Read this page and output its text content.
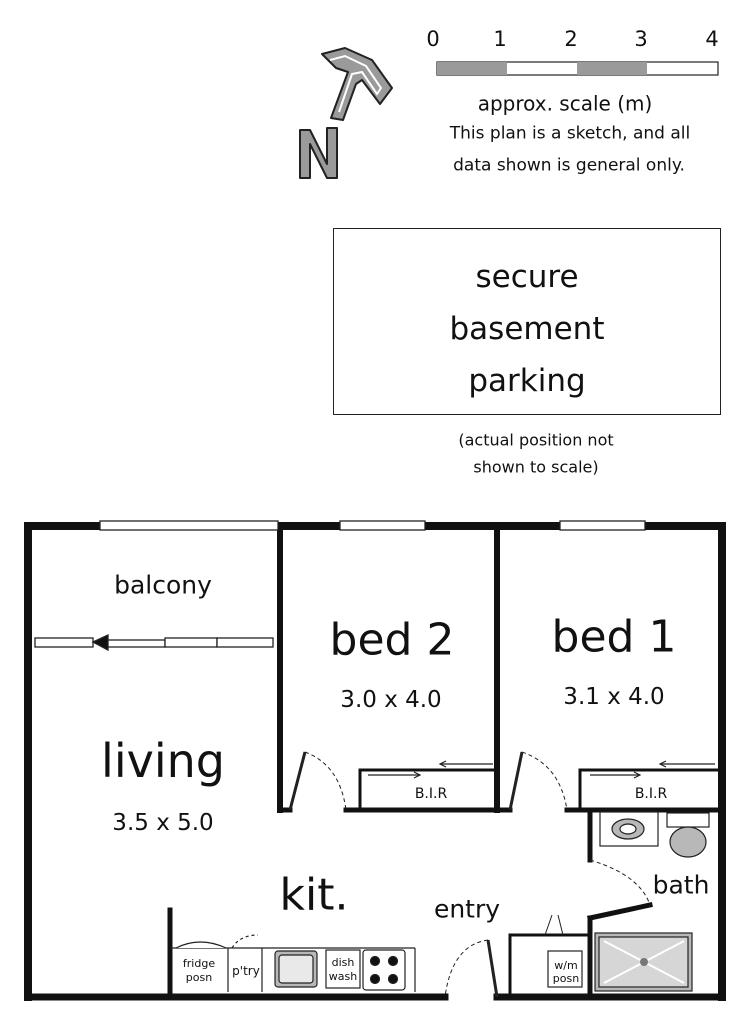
0	1	2	3	4
approx. scale (m)
This plan is a sketch, and all
data shown is general only.
secure
basement
parking
(actual position not
shown to scale)
balcony
living
3.5 x 5.0
bed 2
3.0 x 4.0
bed 1
3.1 x 4.0
B.I.R	B.I.R
kit.	entry
bath
fridge
posn p'try
dish
wash
w/m
posn
